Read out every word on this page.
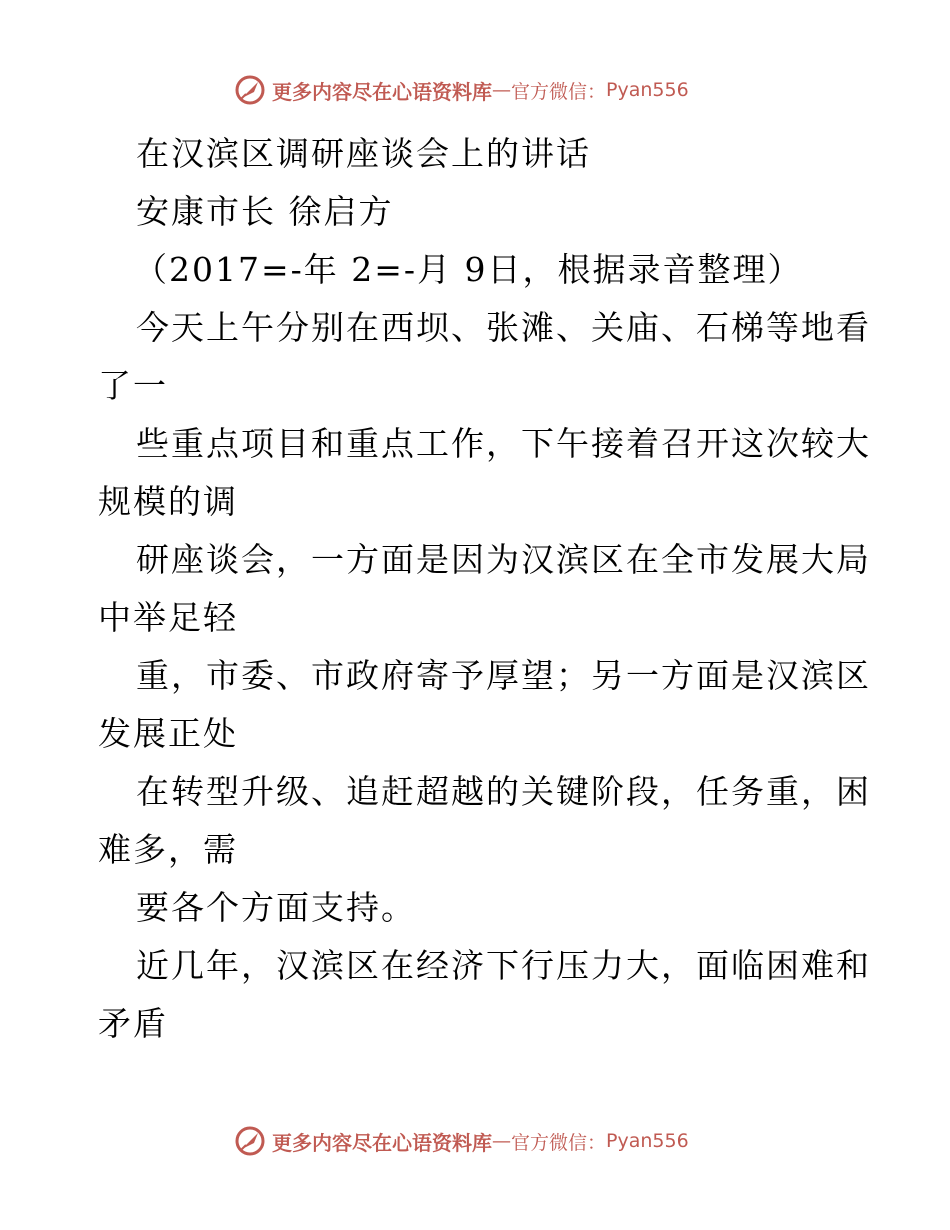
更多内容尽在心语资料库 — 官方微信： Pyan556
在汉滨区调研座谈会上的讲话
安康市长 徐启方
（2017=-年 2=-月 9日，根据录音整理）
今天上午分别在西坝、张滩、关庙、石梯等地看
了一
些重点项目和重点工作，下午接着召开这次较大
规模的调
研座谈会，一方面是因为汉滨区在全市发展大局
中举足轻
重，市委、市政府寄予厚望；另一方面是汉滨区
发展正处
在转型升级、追赶超越的关键阶段，任务重，困
难多，需
要各个方面支持。
近几年，汉滨区在经济下行压力大，面临困难和
矛盾
更多内容尽在心语资料库 — 官方微信： Pyan556
